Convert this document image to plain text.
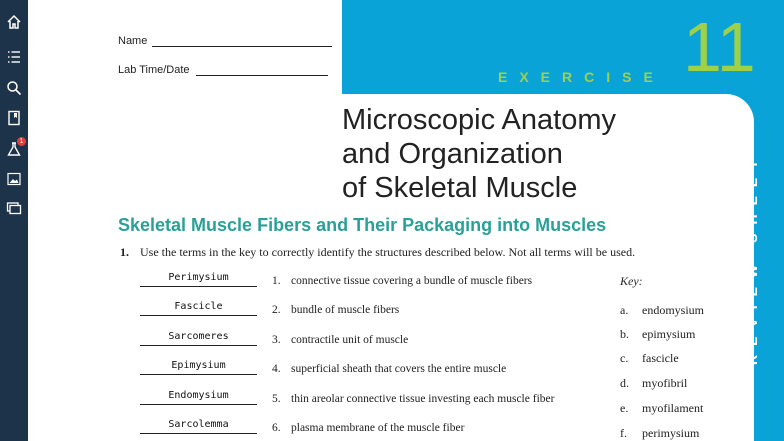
1
EXERCISE 11
REVIEW SHEET
Name
Lab Time/Date
Microscopic Anatomy
and Organization
of Skeletal Muscle
Skeletal Muscle Fibers and Their Packaging into Muscles
1. Use the terms in the key to correctly identify the structures described below. Not all terms will be used.
Perimysium	1. connective tissue covering a bundle of muscle fibers
Fascicle	2. bundle of muscle fibers
Sarcomeres	3. contractile unit of muscle
Epimysium	4. superficial sheath that covers the entire muscle
Endomysium	5. thin areolar connective tissue investing each muscle fiber
Sarcolemma	6. plasma membrane of the muscle fiber
Key:
a. endomysium
b. epimysium
c. fascicle
d. myofibril
e. myofilament
f. perimysium
